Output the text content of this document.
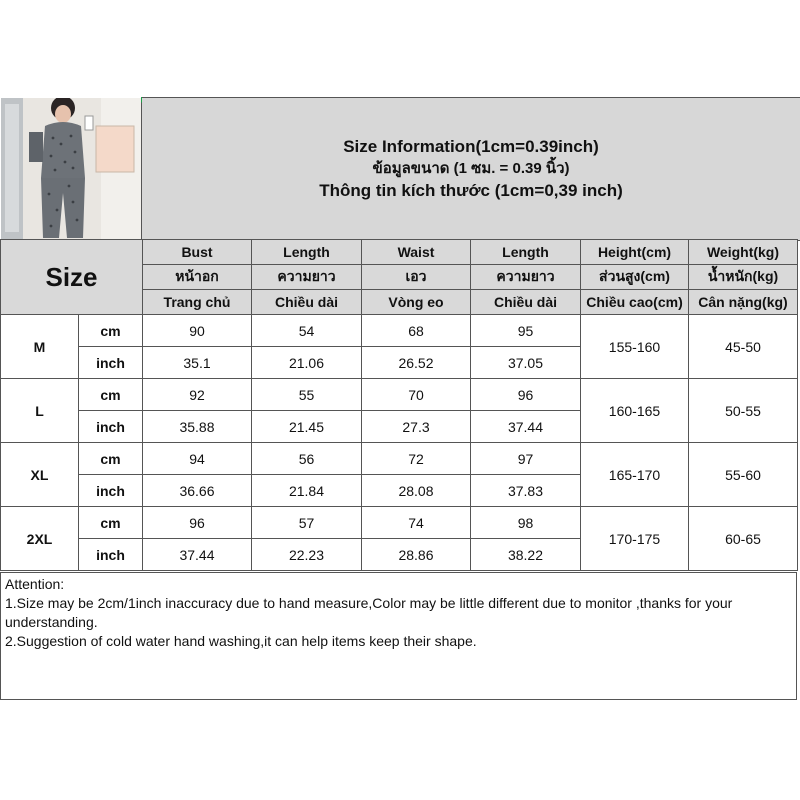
Size Information(1cm=0.39inch)
ข้อมูลขนาด (1 ซม. = 0.39 นิ้ว)
Thông tin kích thước (1cm=0,39 inch)
Size		Bust	Length	Waist	Length	Height(cm)	Weight(kg)
		หน้าอก	ความยาว	เอว	ความยาว	ส่วนสูง(cm)	น้ำหนัก(kg)
		Trang chủ	Chiều dài	Vòng eo	Chiều dài	Chiều cao(cm)	Cân nặng(kg)
M	cm	90	54	68	95	155-160	45-50
	inch	35.1	21.06	26.52	37.05		
L	cm	92	55	70	96	160-165	50-55
	inch	35.88	21.45	27.3	37.44		
XL	cm	94	56	72	97	165-170	55-60
	inch	36.66	21.84	28.08	37.83		
2XL	cm	96	57	74	98	170-175	60-65
	inch	37.44	22.23	28.86	38.22		
Attention:
1.Size may be 2cm/1inch inaccuracy due to hand measure,Color may be little different due to monitor ,thanks for your understanding.
2.Suggestion of cold water hand washing,it can help items keep their shape.
